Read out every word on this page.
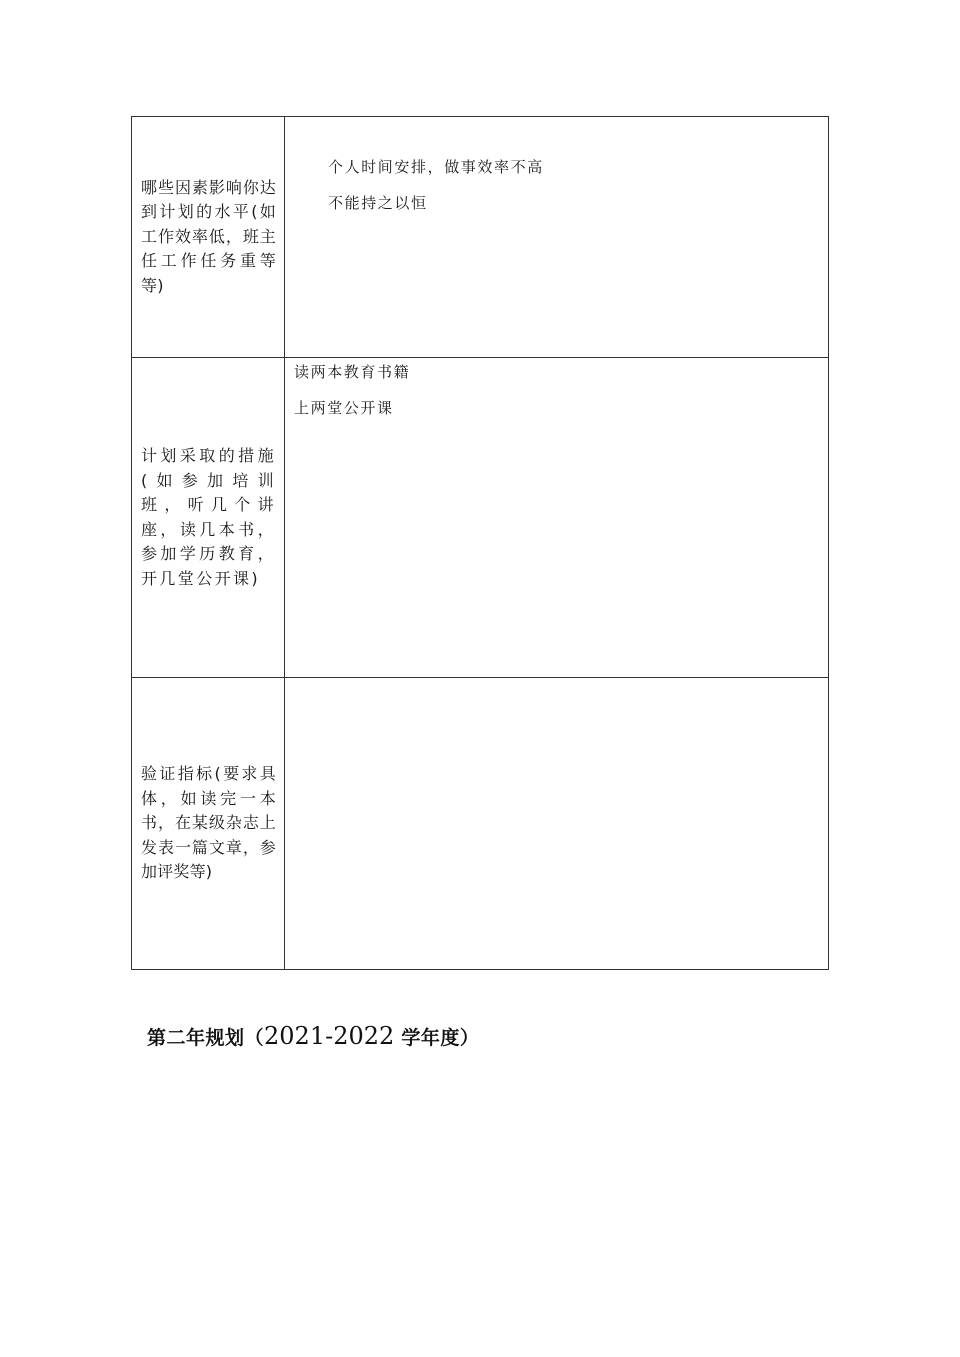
哪些因素影响你达到计划的水平(如工作效率低，班主任工作任务重等等)	个人时间安排，做事效率不高
不能持之以恒

计划采取的措施(如参加培训班，听几个讲座，读几本书，参加学历教育，开几堂公开课)	读两本教育书籍
上两堂公开课

验证指标(要求具体，如读完一本书，在某级杂志上发表一篇文章，参加评奖等)	

第二年规划（2021-2022 学年度）
